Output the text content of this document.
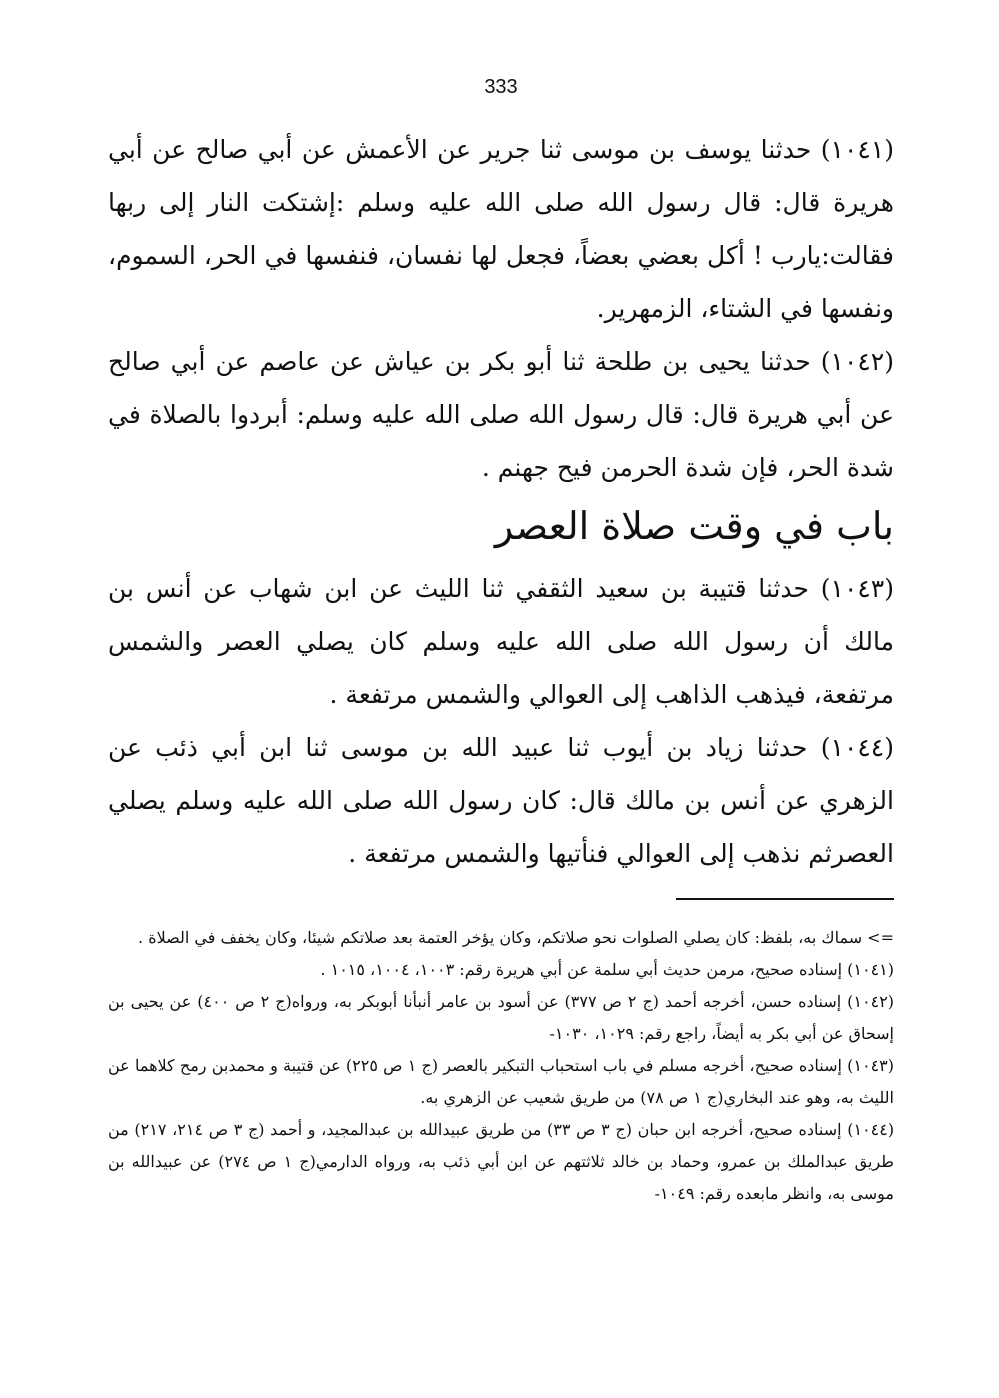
333

(١٠٤١) حدثنا يوسف بن موسى ثنا جرير عن الأعمش عن أبي صالح عن أبي هريرة قال: قال رسول الله صلى الله عليه وسلم :إشتكت النار إلى ربها فقالت:يارب ! أكل بعضي بعضاً، فجعل لها نفسان، فنفسها في الحر، السموم، ونفسها في الشتاء، الزمهرير.

(١٠٤٢) حدثنا يحيى بن طلحة ثنا أبو بكر بن عياش عن عاصم عن أبي صالح عن أبي هريرة قال: قال رسول الله صلى الله عليه وسلم: أبردوا بالصلاة في شدة الحر، فإن شدة الحرمن فيح جهنم .

باب في وقت صلاة العصر

(١٠٤٣) حدثنا قتيبة بن سعيد الثقفي ثنا الليث عن ابن شهاب عن أنس بن مالك أن رسول الله صلى الله عليه وسلم كان يصلي العصر والشمس مرتفعة، فيذهب الذاهب إلى العوالي والشمس مرتفعة .

(١٠٤٤) حدثنا زياد بن أيوب ثنا عبيد الله بن موسى ثنا ابن أبي ذئب عن الزهري عن أنس بن مالك قال: كان رسول الله صلى الله عليه وسلم يصلي العصرثم نذهب إلى العوالي فنأتيها والشمس مرتفعة .

=> سماك به، بلفظ: كان يصلي الصلوات نحو صلاتكم، وكان يؤخر العتمة بعد صلاتكم شيئا، وكان يخفف في الصلاة .

(١٠٤١) إسناده صحيح، مرمن حديث أبي سلمة عن أبي هريرة رقم: ١٠٠٣، ١٠٠٤، ١٠١٥ .

(١٠٤٢) إسناده حسن، أخرجه أحمد (ج ٢ ص ٣٧٧) عن أسود بن عامر أنبأنا أبوبكر به، ورواه(ج ٢ ص ٤٠٠) عن يحيى بن إسحاق عن أبي بكر به أيضاً، راجع رقم: ١٠٢٩، ١٠٣٠-

(١٠٤٣) إسناده صحيح، أخرجه مسلم في باب استحباب التبكير بالعصر (ج ١ ص ٢٢٥) عن قتيبة و محمدبن رمح كلاهما عن الليث به، وهو عند البخاري(ج ١ ص ٧٨) من طريق شعيب عن الزهري به.

(١٠٤٤) إسناده صحيح، أخرجه ابن حبان (ج ٣ ص ٣٣) من طريق عبيدالله بن عبدالمجيد، و أحمد (ج ٣ ص ٢١٤، ٢١٧) من طريق عبدالملك بن عمرو، وحماد بن خالد ثلاثتهم عن ابن أبي ذئب به، ورواه الدارمي(ج ١ ص ٢٧٤) عن عبيدالله بن موسى به، وانظر مابعده رقم: ١٠٤٩-
